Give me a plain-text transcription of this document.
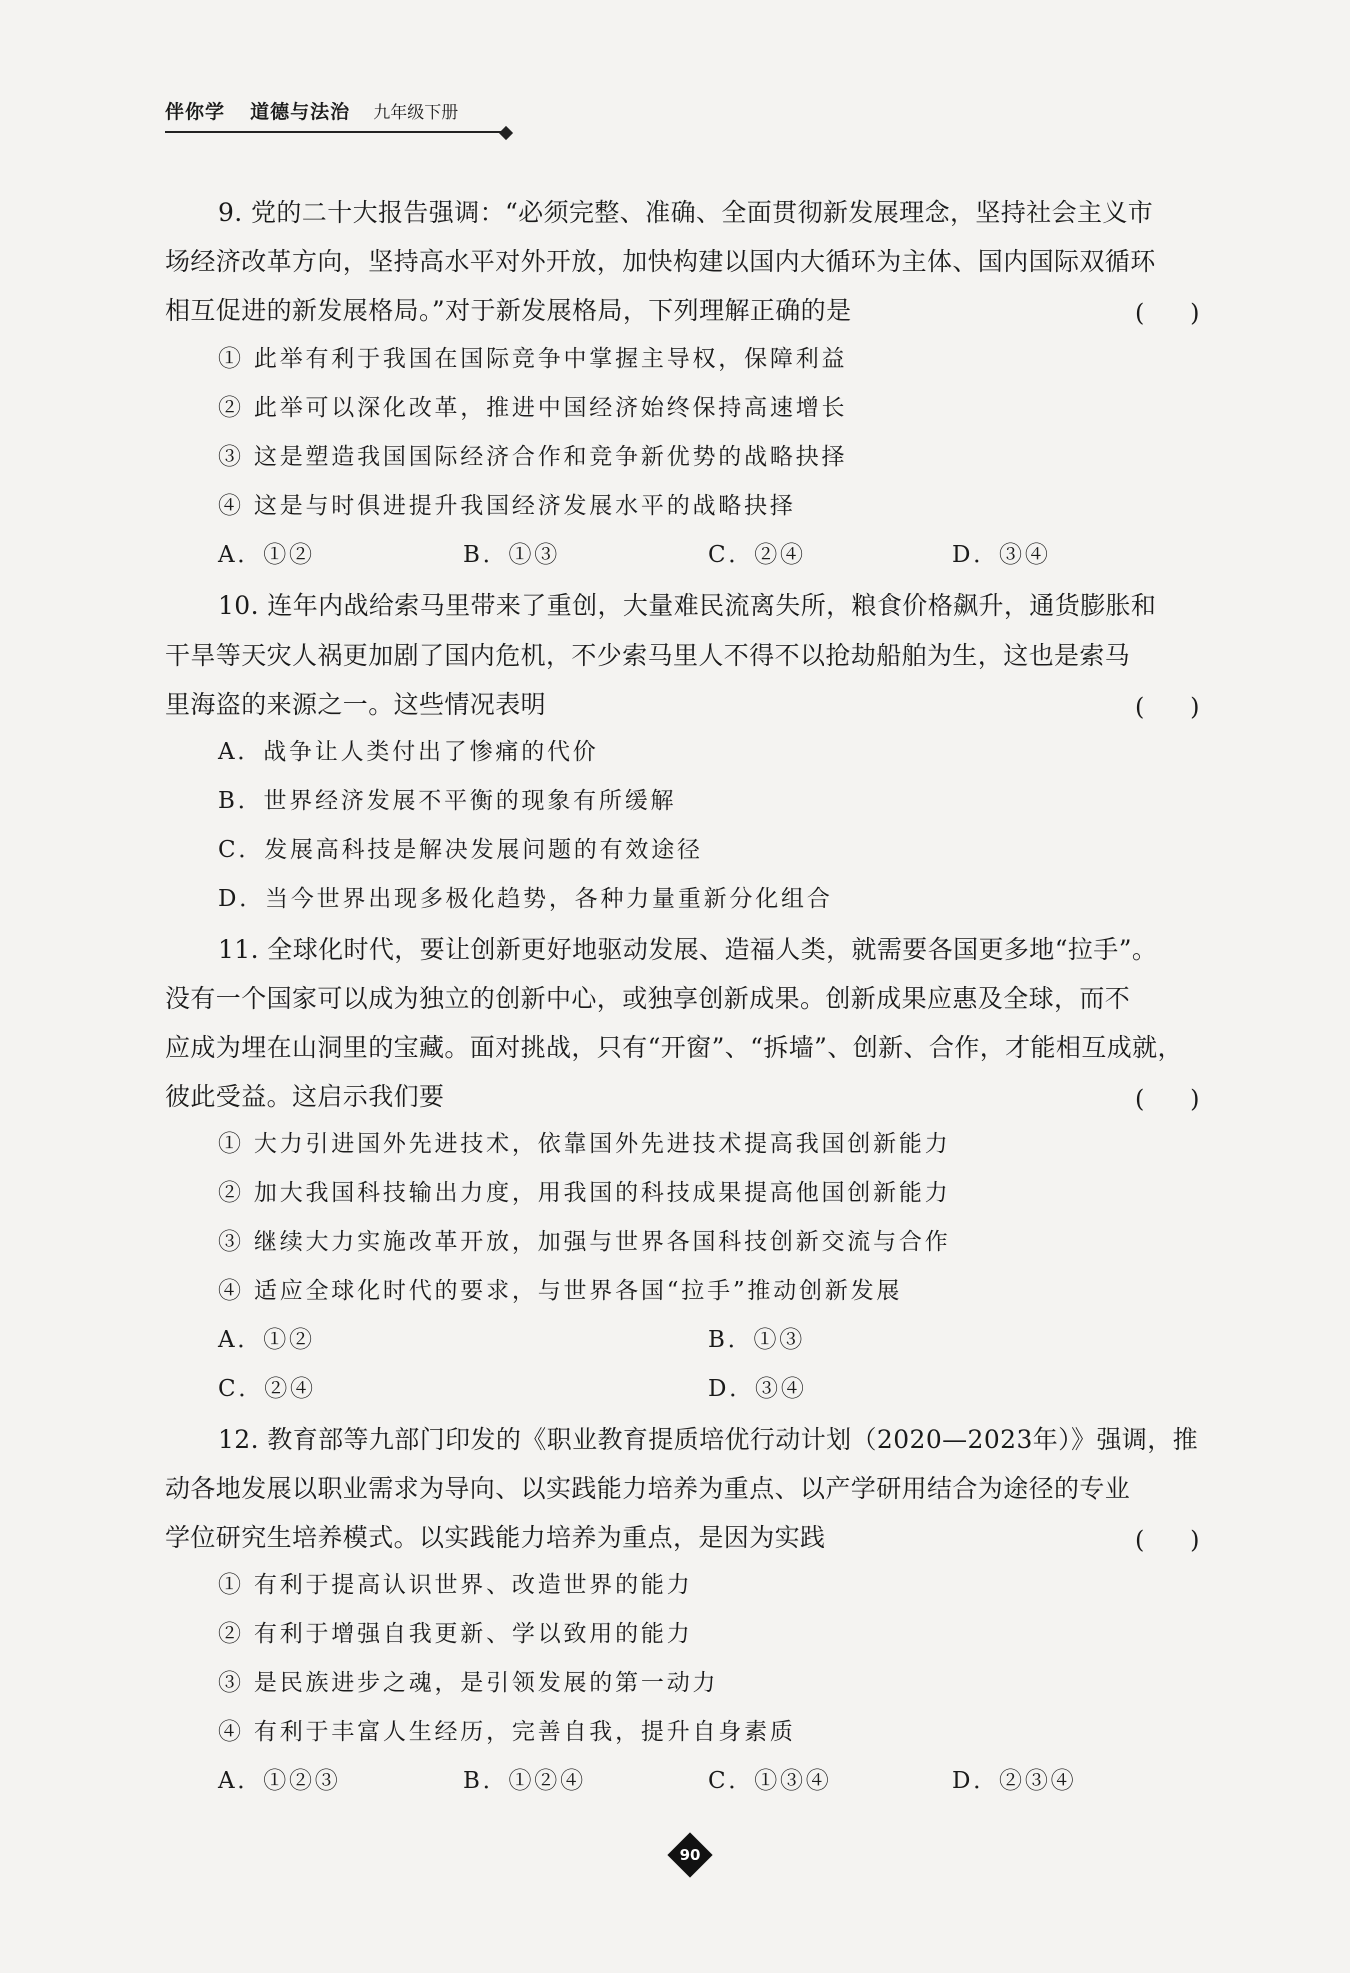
伴你学 道德与法治 九年级下册
9. 党的二十大报告强调：“必须完整、准确、全面贯彻新发展理念，坚持社会主义市
场经济改革方向，坚持高水平对外开放，加快构建以国内大循环为主体、国内国际双循环
相互促进的新发展格局。”对于新发展格局，下列理解正确的是	(      )
① 此举有利于我国在国际竞争中掌握主导权，保障利益
② 此举可以深化改革，推进中国经济始终保持高速增长
③ 这是塑造我国国际经济合作和竞争新优势的战略抉择
④ 这是与时俱进提升我国经济发展水平的战略抉择
A．①②	B．①③	C．②④	D．③④
10. 连年内战给索马里带来了重创，大量难民流离失所，粮食价格飙升，通货膨胀和
干旱等天灾人祸更加剧了国内危机，不少索马里人不得不以抢劫船舶为生，这也是索马
里海盗的来源之一。这些情况表明	(      )
A．战争让人类付出了惨痛的代价
B．世界经济发展不平衡的现象有所缓解
C．发展高科技是解决发展问题的有效途径
D．当今世界出现多极化趋势，各种力量重新分化组合
11. 全球化时代，要让创新更好地驱动发展、造福人类，就需要各国更多地“拉手”。
没有一个国家可以成为独立的创新中心，或独享创新成果。创新成果应惠及全球，而不
应成为埋在山洞里的宝藏。面对挑战，只有“开窗”、“拆墙”、创新、合作，才能相互成就，
彼此受益。这启示我们要	(      )
① 大力引进国外先进技术，依靠国外先进技术提高我国创新能力
② 加大我国科技输出力度，用我国的科技成果提高他国创新能力
③ 继续大力实施改革开放，加强与世界各国科技创新交流与合作
④ 适应全球化时代的要求，与世界各国“拉手”推动创新发展
A．①②	B．①③
C．②④	D．③④
12. 教育部等九部门印发的《职业教育提质培优行动计划（2020—2023年）》强调，推
动各地发展以职业需求为导向、以实践能力培养为重点、以产学研用结合为途径的专业
学位研究生培养模式。以实践能力培养为重点，是因为实践	(      )
① 有利于提高认识世界、改造世界的能力
② 有利于增强自我更新、学以致用的能力
③ 是民族进步之魂，是引领发展的第一动力
④ 有利于丰富人生经历，完善自我，提升自身素质
A．①②③	B．①②④	C．①③④	D．②③④
90
